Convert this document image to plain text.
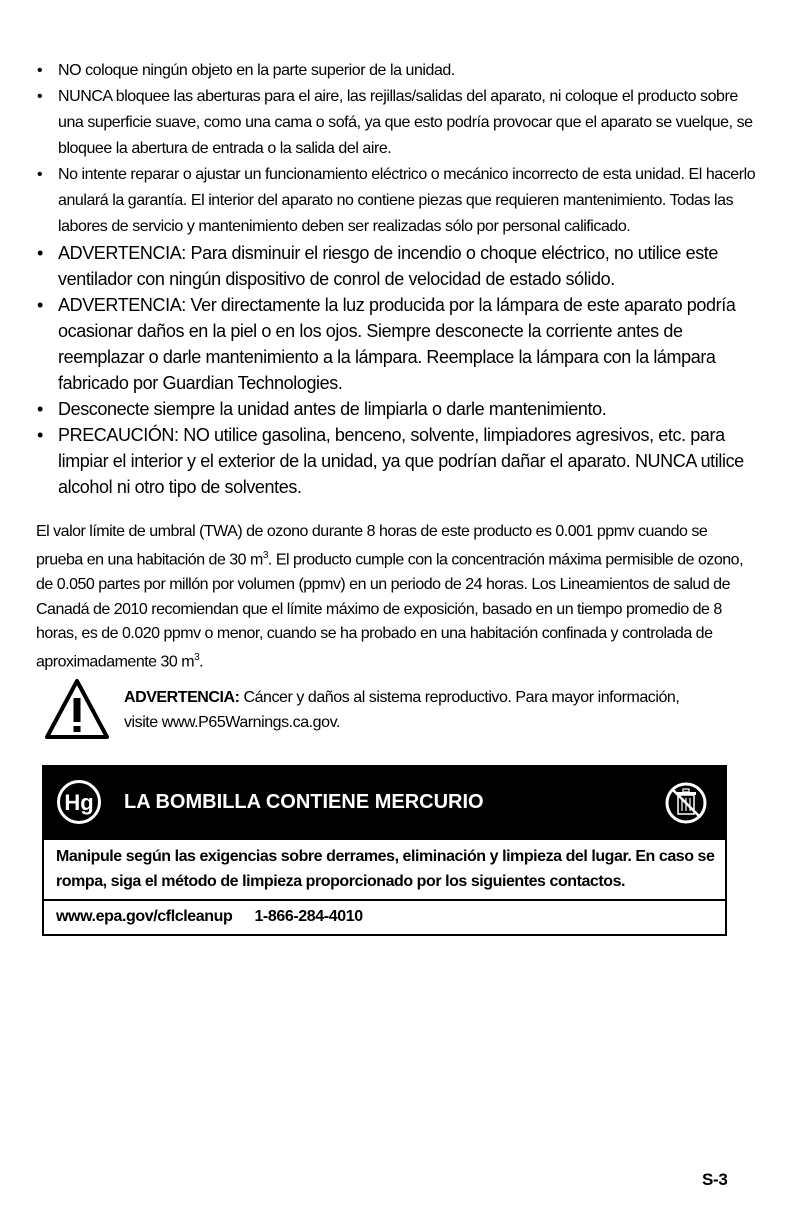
• NO coloque ningún objeto en la parte superior de la unidad.
• NUNCA bloquee las aberturas para el aire, las rejillas/salidas del aparato, ni coloque el producto sobre una superficie suave, como una cama o sofá, ya que esto podría provocar que el aparato se vuelque, se bloquee la abertura de entrada o la salida del aire.
• No intente reparar o ajustar un funcionamiento eléctrico o mecánico incorrecto de esta unidad. El hacerlo anulará la garantía. El interior del aparato no contiene piezas que requieren mantenimiento. Todas las labores de servicio y mantenimiento deben ser realizadas sólo por personal calificado.
• ADVERTENCIA: Para disminuir el riesgo de incendio o choque eléctrico, no utilice este ventilador con ningún dispositivo de conrol de velocidad de estado sólido.
• ADVERTENCIA: Ver directamente la luz producida por la lámpara de este aparato podría ocasionar daños en la piel o en los ojos. Siempre desconecte la corriente antes de reemplazar o darle mantenimiento a la lámpara. Reemplace la lámpara con la lámpara fabricado por Guardian Technologies.
• Desconecte siempre la unidad antes de limpiarla o darle mantenimiento.
• PRECAUCIÓN: NO utilice gasolina, benceno, solvente, limpiadores agresivos, etc. para limpiar el interior y el exterior de la unidad, ya que podrían dañar el aparato. NUNCA utilice alcohol ni otro tipo de solventes.

El valor límite de umbral (TWA) de ozono durante 8 horas de este producto es 0.001 ppmv cuando se prueba en una habitación de 30 $m^3$. El producto cumple con la concentración máxima permisible de ozono, de 0.050 partes por millón por volumen (ppmv) en un periodo de 24 horas. Los Lineamientos de salud de Canadá de 2010 recomiendan que el límite máximo de exposición, basado en un tiempo promedio de 8 horas, es de 0.020 ppmv o menor, cuando se ha probado en una habitación confinada y controlada de aproximadamente 30 $m^3$.

ADVERTENCIA: Cáncer y daños al sistema reproductivo. Para mayor información, visite www.P65Warnings.ca.gov.

Hg LA BOMBILLA CONTIENE MERCURIO

Manipule según las exigencias sobre derrames, eliminación y limpieza del lugar. En caso se rompa, siga el método de limpieza proporcionado por los siguientes contactos.

www.epa.gov/cflcleanup 1-866-284-4010

S-3
